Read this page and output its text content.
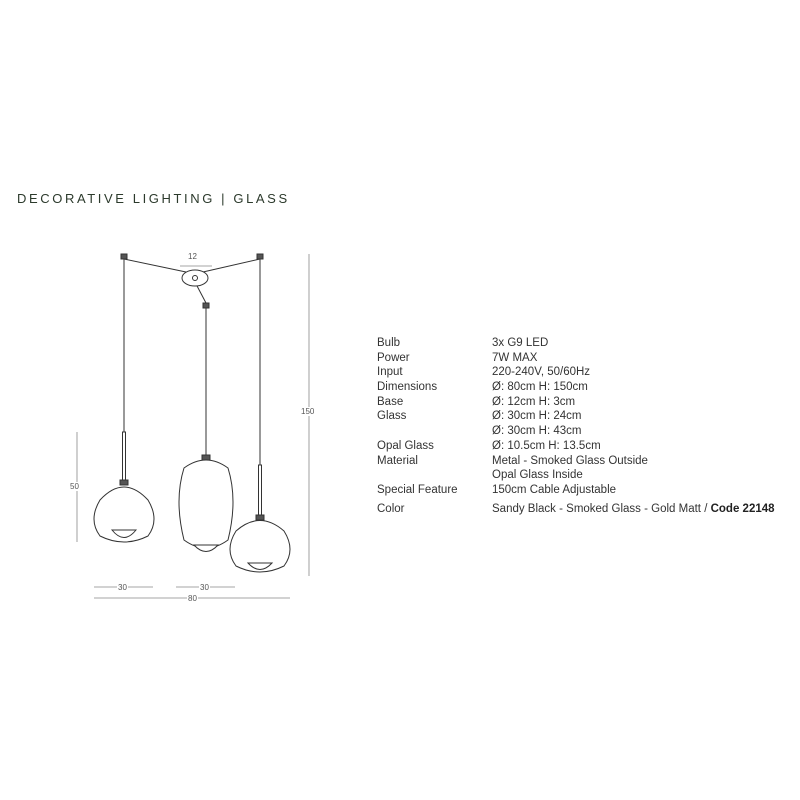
DECORATIVE LIGHTING | GLASS
12
150
50
30	30
80
Bulb	3x G9 LED
Power	7W MAX
Input	220-240V, 50/60Hz
Dimensions	Ø: 80cm H: 150cm
Base	Ø: 12cm H: 3cm
Glass	Ø: 30cm H: 24cm
Ø: 30cm H: 43cm
Opal Glass	Ø: 10.5cm H: 13.5cm
Material	Metal - Smoked Glass Outside
Opal Glass Inside
Special Feature	150cm Cable Adjustable
Color	Sandy Black - Smoked Glass - Gold Matt / Code 22148
